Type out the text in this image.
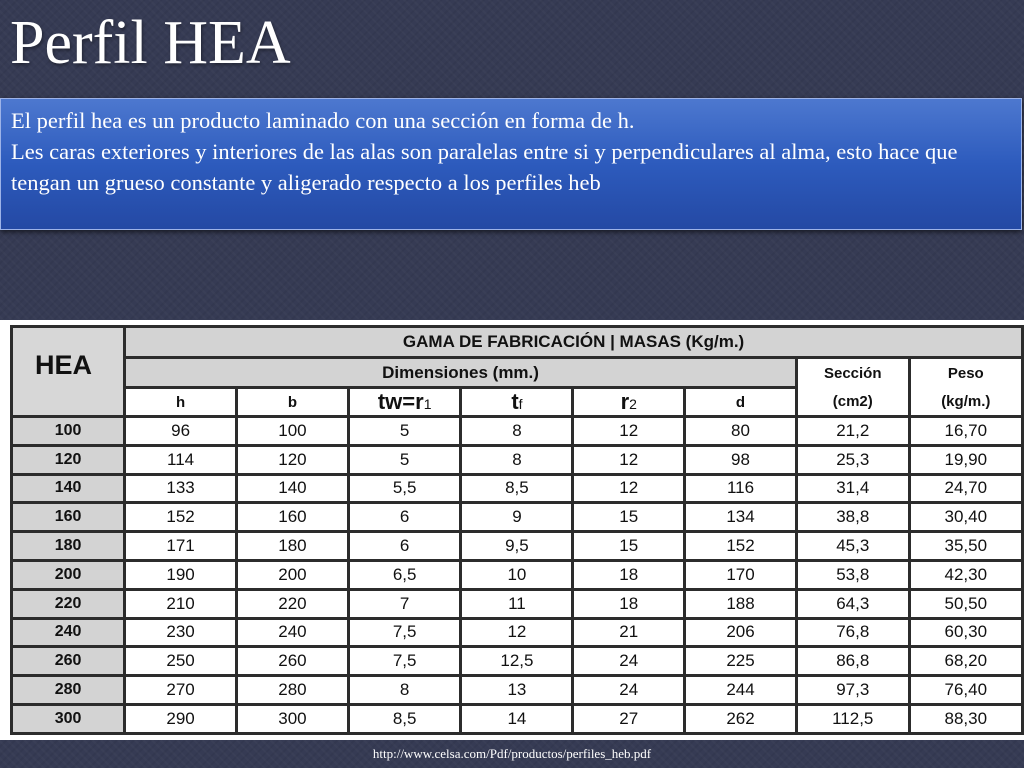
Perfil HEA

El perfil hea es un producto laminado con una sección en forma de h.

Les caras exteriores y interiores de las alas son paralelas entre si y perpendiculares al alma, esto hace que tengan un grueso constante y aligerado respecto a los perfiles heb

HEA	GAMA DE FABRICACIÓN | MASAS (Kg/m.)							
	Dimensiones (mm.)						Sección	Peso
	h	b	tw=r1	tf	r2	d	(cm2)	(kg/m.)
100	96	100	5	8	12	80	21,2	16,70
120	114	120	5	8	12	98	25,3	19,90
140	133	140	5,5	8,5	12	116	31,4	24,70
160	152	160	6	9	15	134	38,8	30,40
180	171	180	6	9,5	15	152	45,3	35,50
200	190	200	6,5	10	18	170	53,8	42,30
220	210	220	7	11	18	188	64,3	50,50
240	230	240	7,5	12	21	206	76,8	60,30
260	250	260	7,5	12,5	24	225	86,8	68,20
280	270	280	8	13	24	244	97,3	76,40
300	290	300	8,5	14	27	262	112,5	88,30
http://www.celsa.com/Pdf/productos/perfiles_heb.pdf
